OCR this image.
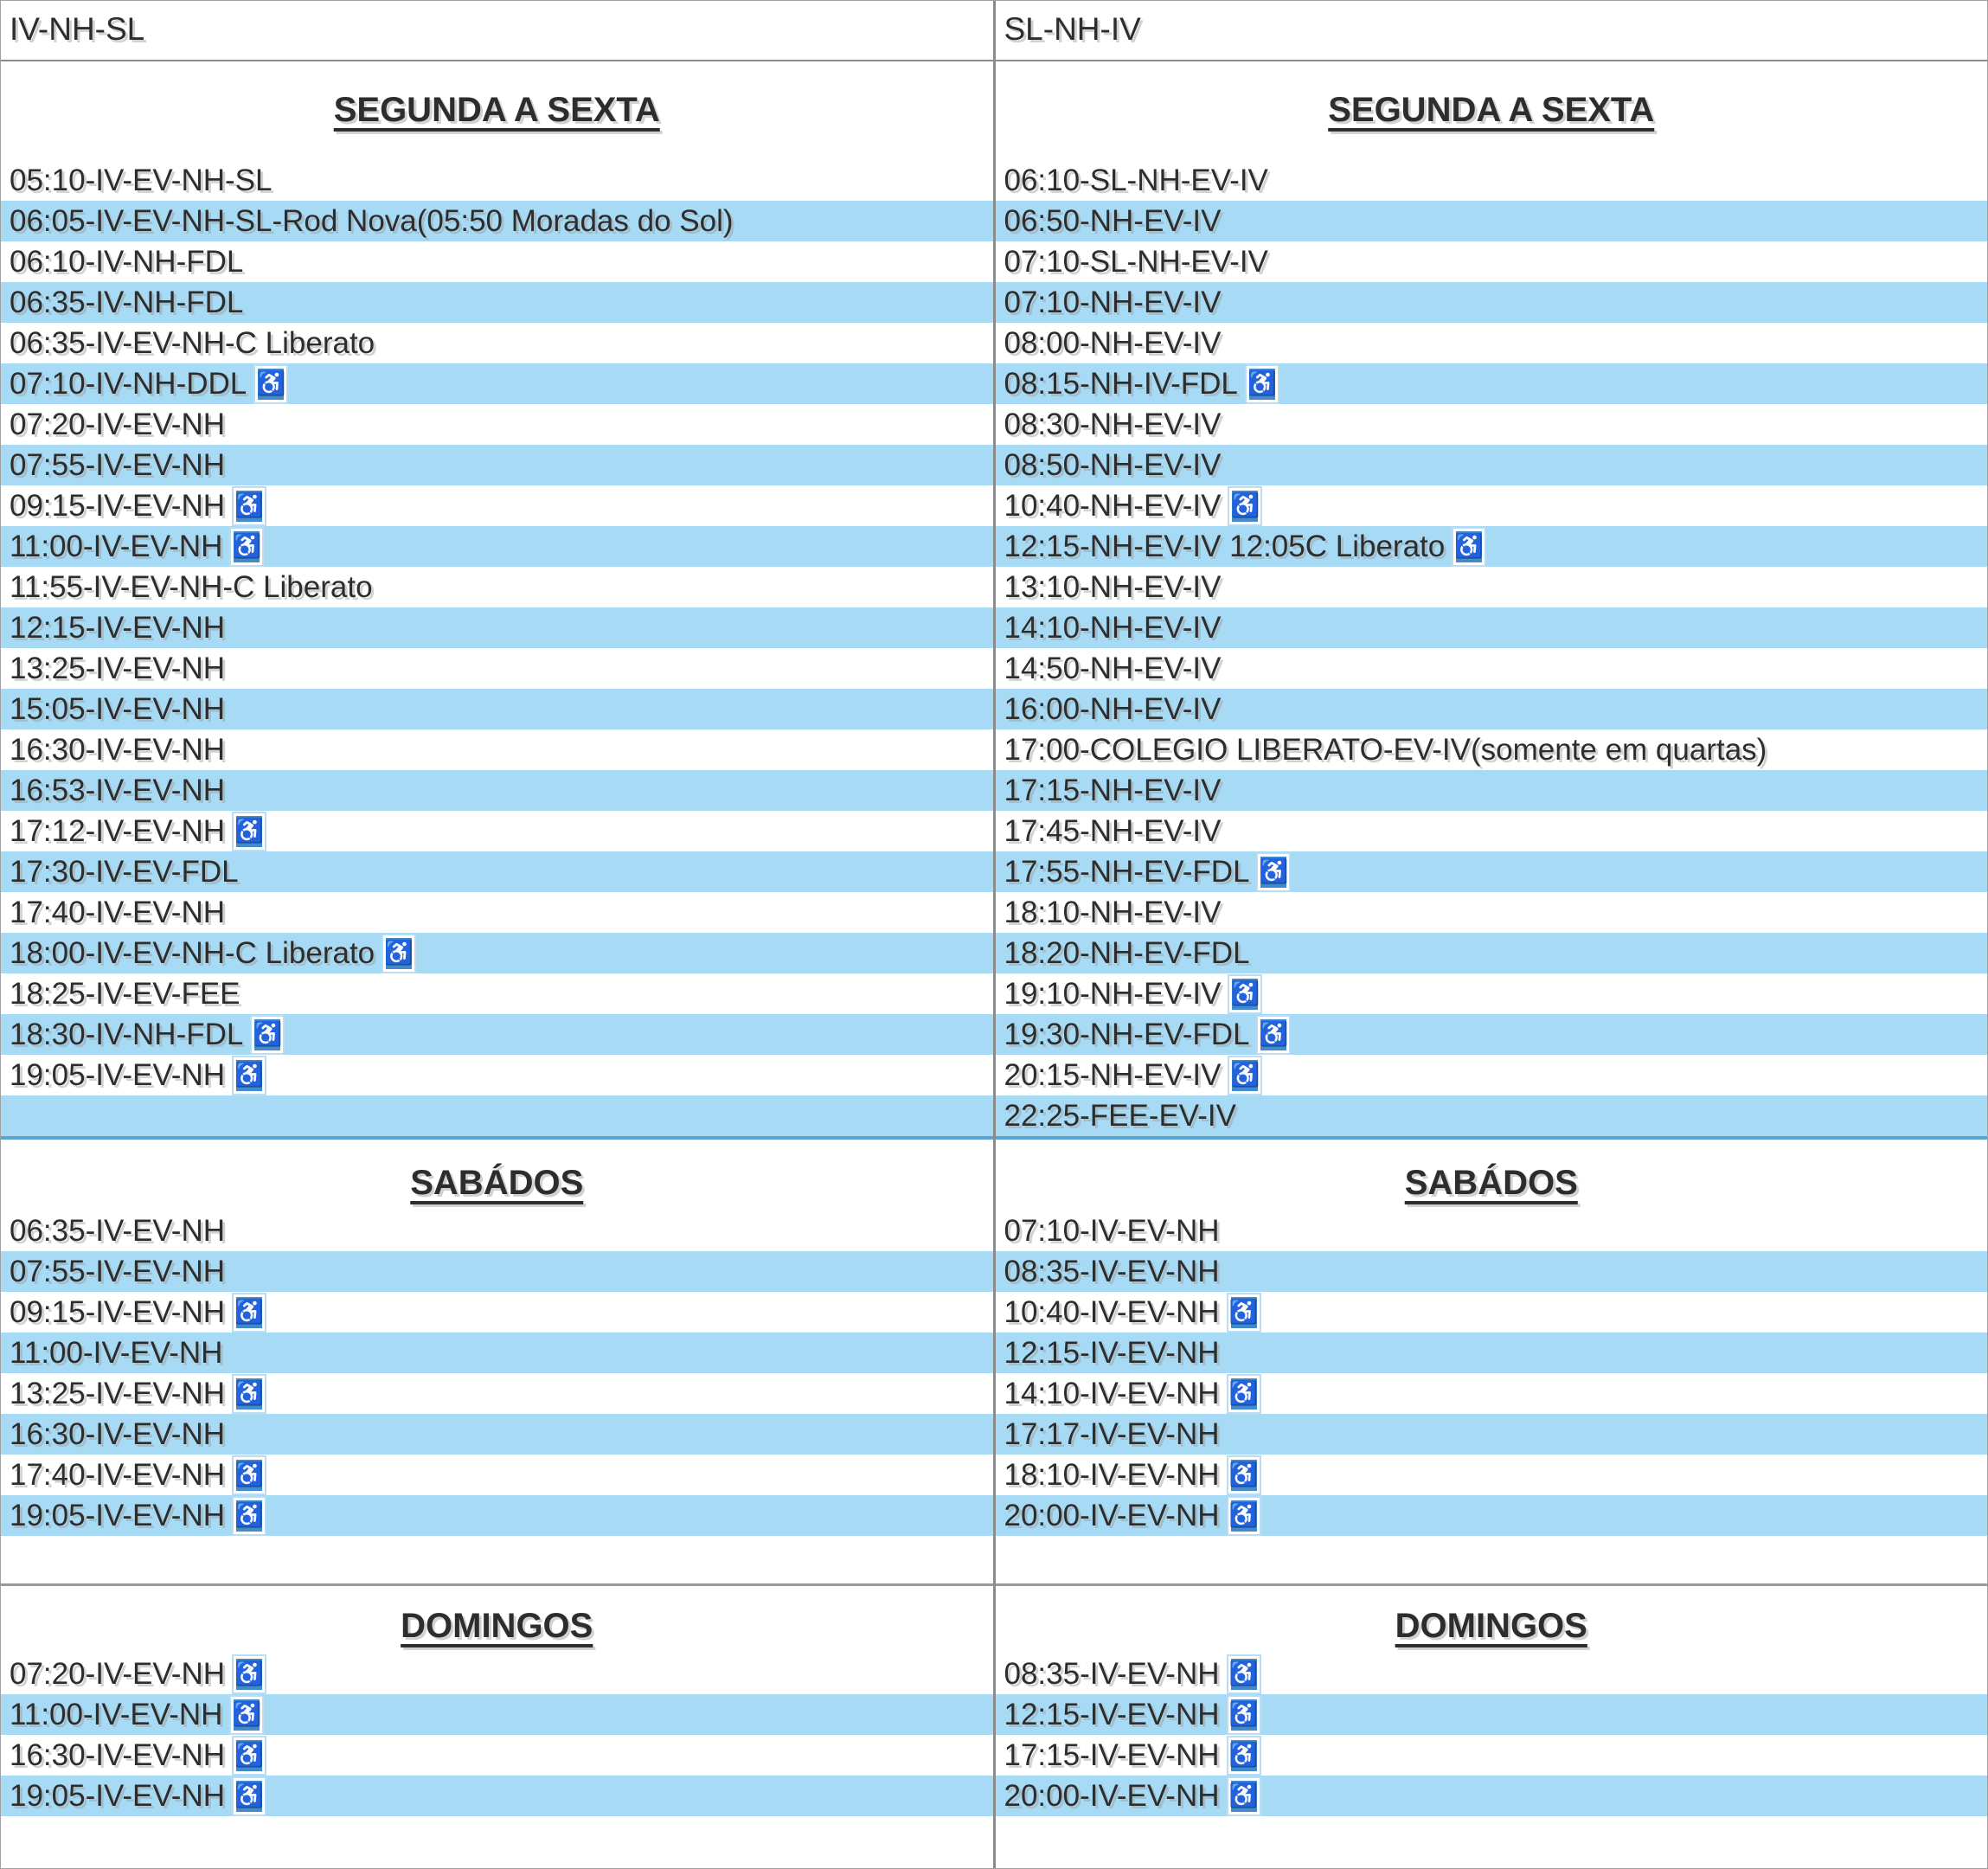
IV-NH-SL
SEGUNDA A SEXTA
05:10-IV-EV-NH-SL
06:05-IV-EV-NH-SL-Rod Nova(05:50 Moradas do Sol)
06:10-IV-NH-FDL
06:35-IV-NH-FDL
06:35-IV-EV-NH-C Liberato
07:10-IV-NH-DDL
♿
07:20-IV-EV-NH
07:55-IV-EV-NH
09:15-IV-EV-NH
♿
11:00-IV-EV-NH
♿
11:55-IV-EV-NH-C Liberato
12:15-IV-EV-NH
13:25-IV-EV-NH
15:05-IV-EV-NH
16:30-IV-EV-NH
16:53-IV-EV-NH
17:12-IV-EV-NH
♿
17:30-IV-EV-FDL
17:40-IV-EV-NH
18:00-IV-EV-NH-C Liberato
♿
18:25-IV-EV-FEE
18:30-IV-NH-FDL
♿
19:05-IV-EV-NH
♿
SABÁDOS
06:35-IV-EV-NH
07:55-IV-EV-NH
09:15-IV-EV-NH
♿
11:00-IV-EV-NH
13:25-IV-EV-NH
♿
16:30-IV-EV-NH
17:40-IV-EV-NH
♿
19:05-IV-EV-NH
♿
DOMINGOS
07:20-IV-EV-NH
♿
11:00-IV-EV-NH
♿
16:30-IV-EV-NH
♿
19:05-IV-EV-NH
♿
SL-NH-IV
SEGUNDA A SEXTA
06:10-SL-NH-EV-IV
06:50-NH-EV-IV
07:10-SL-NH-EV-IV
07:10-NH-EV-IV
08:00-NH-EV-IV
08:15-NH-IV-FDL
♿
08:30-NH-EV-IV
08:50-NH-EV-IV
10:40-NH-EV-IV
♿
12:15-NH-EV-IV 12:05C Liberato
♿
13:10-NH-EV-IV
14:10-NH-EV-IV
14:50-NH-EV-IV
16:00-NH-EV-IV
17:00-COLEGIO LIBERATO-EV-IV(somente em quartas)
17:15-NH-EV-IV
17:45-NH-EV-IV
17:55-NH-EV-FDL
♿
18:10-NH-EV-IV
18:20-NH-EV-FDL
19:10-NH-EV-IV
♿
19:30-NH-EV-FDL
♿
20:15-NH-EV-IV
♿
22:25-FEE-EV-IV
SABÁDOS
07:10-IV-EV-NH
08:35-IV-EV-NH
10:40-IV-EV-NH
♿
12:15-IV-EV-NH
14:10-IV-EV-NH
♿
17:17-IV-EV-NH
18:10-IV-EV-NH
♿
20:00-IV-EV-NH
♿
DOMINGOS
08:35-IV-EV-NH
♿
12:15-IV-EV-NH
♿
17:15-IV-EV-NH
♿
20:00-IV-EV-NH
♿
